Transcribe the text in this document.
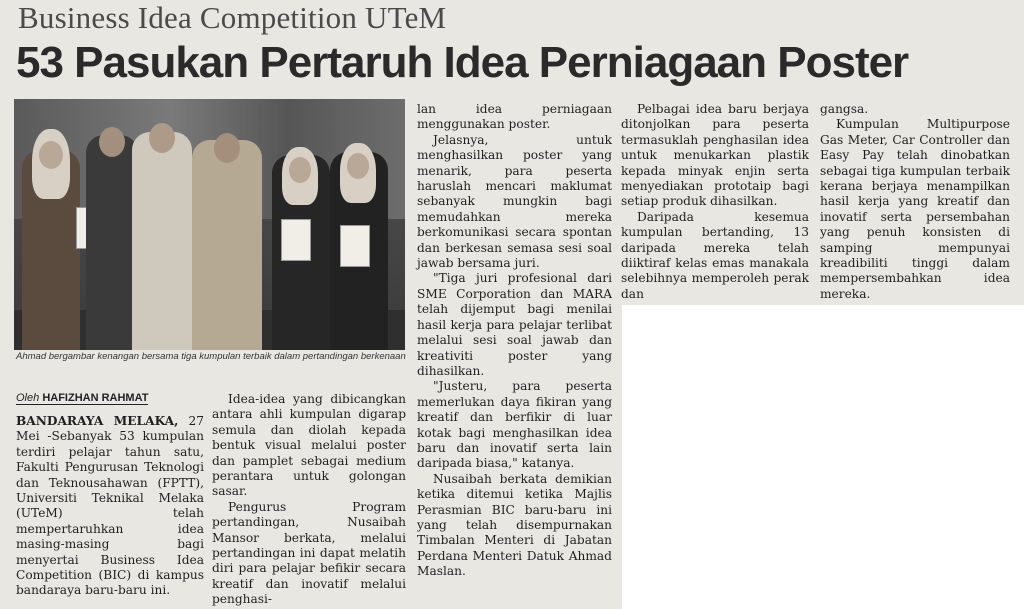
Business Idea Competition UTeM
53 Pasukan Pertaruh Idea Perniagaan Poster
Ahmad bergambar kenangan bersama tiga kumpulan terbaik dalam pertandingan berkenaan
Oleh HAFIZHAN RAHMAT

BANDARAYA MELAKA, 27 Mei -Sebanyak 53 kumpulan terdiri pelajar tahun satu, Fakulti Pengurusan Teknologi dan Teknousahawan (FPTT), Universiti Teknikal Melaka (UTeM) telah mempertaruhkan idea masing-masing bagi menyertai Business Idea Competition (BIC) di kampus bandaraya baru-baru ini.

Idea-idea yang dibicangkan antara ahli kumpulan digarap semula dan diolah kepada bentuk visual melalui poster dan pamplet sebagai medium perantara untuk golongan sasar.

Pengurus Program pertandingan, Nusaibah Mansor berkata, melalui pertandingan ini dapat melatih diri para pelajar befikir secara kreatif dan inovatif melalui penghasi-

lan idea perniagaan menggunakan poster.

Jelasnya, untuk menghasilkan poster yang menarik, para peserta haruslah mencari maklumat sebanyak mungkin bagi memudahkan mereka berkomunikasi secara spontan dan berkesan semasa sesi soal jawab bersama juri.

"Tiga juri profesional dari SME Corporation dan MARA telah dijemput bagi menilai hasil kerja para pelajar terlibat melalui sesi soal jawab dan kreativiti poster yang dihasilkan.

"Justeru, para peserta memerlukan daya fikiran yang kreatif dan berfikir di luar kotak bagi menghasilkan idea baru dan inovatif serta lain daripada biasa," katanya.

Nusaibah berkata demikian ketika ditemui ketika Majlis Perasmian BIC baru-baru ini yang telah disempurnakan Timbalan Menteri di Jabatan Perdana Menteri Datuk Ahmad Maslan.

Pelbagai idea baru berjaya ditonjolkan para peserta termasuklah penghasilan idea untuk menukarkan plastik kepada minyak enjin serta menyediakan prototaip bagi setiap produk dihasilkan.

Daripada kesemua kumpulan bertanding, 13 daripada mereka telah diiktiraf kelas emas manakala selebihnya memperoleh perak dan

gangsa.

Kumpulan Multipurpose Gas Meter, Car Controller dan Easy Pay telah dinobatkan sebagai tiga kumpulan terbaik kerana berjaya menampilkan hasil kerja yang kreatif dan inovatif serta persembahan yang penuh konsisten di samping mempunyai kreadibiliti tinggi dalam mempersembahkan idea mereka.
